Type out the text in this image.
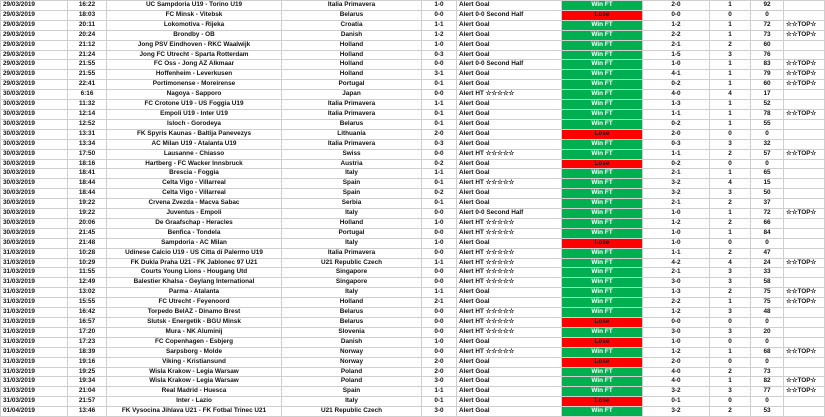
29/03/2019	16:22	UC Sampdoria U19 - Torino U19	Italia Primavera	1-0	Alert Goal	Win FT	2-0	1	92	
29/03/2019	18:03	FC Minsk - Vitebsk	Belarus	0-0	Alert 0-0 Second Half	Lose	0-0	0	0	
29/03/2019	20:11	Lokomotiva - Rijeka	Croatia	1-1	Alert Goal	Win FT	1-2	1	72	☆☆TOP☆
29/03/2019	20:24	Brondby - OB	Danish	1-2	Alert Goal	Win FT	2-2	1	73	☆☆TOP☆
29/03/2019	21:12	Jong PSV Eindhoven - RKC Waalwijk	Holland	1-0	Alert Goal	Win FT	2-1	2	60	
29/03/2019	21:24	Jong FC Utrecht - Sparta Rotterdam	Holland	0-3	Alert Goal	Win FT	1-5	3	76	
29/03/2019	21:55	FC Oss - Jong AZ Alkmaar	Holland	0-0	Alert 0-0 Second Half	Win FT	1-0	1	83	☆☆TOP☆
29/03/2019	21:55	Hoffenheim - Leverkusen	Holland	3-1	Alert Goal	Win FT	4-1	1	79	☆☆TOP☆
29/03/2019	22:41	Portimonense - Moreirense	Portugal	0-1	Alert Goal	Win FT	0-2	1	60	☆☆TOP☆
30/03/2019	6:16	Nagoya - Sapporo	Japan	0-0	Alert HT ☆☆☆☆☆	Win FT	4-0	4	17	
30/03/2019	11:32	FC Crotone U19 - US Foggia U19	Italia Primavera	1-1	Alert Goal	Win FT	1-3	1	52	
30/03/2019	12:14	Empoli U19 - Inter U19	Italia Primavera	0-1	Alert Goal	Win FT	1-1	1	78	☆☆TOP☆
30/03/2019	12:52	Isloch - Gorodeya	Belarus	0-1	Alert Goal	Win FT	0-2	1	55	
30/03/2019	13:31	FK Spyris Kaunas - Baltija Panevezys	Lithuania	2-0	Alert Goal	Lose	2-0	0	0	
30/03/2019	13:34	AC Milan U19 - Atalanta U19	Italia Primavera	0-3	Alert Goal	Win FT	0-3	3	32	
30/03/2019	17:50	Lausanne - Chiasso	Swiss	0-0	Alert HT ☆☆☆☆☆	Win FT	1-1	2	57	☆☆TOP☆
30/03/2019	18:16	Hartberg - FC Wacker Innsbruck	Austria	0-2	Alert Goal	Lose	0-2	0	0	
30/03/2019	18:41	Brescia - Foggia	Italy	1-1	Alert Goal	Win FT	2-1	1	65	
30/03/2019	18:44	Celta Vigo - Villarreal	Spain	0-1	Alert HT ☆☆☆☆☆	Win FT	3-2	4	15	
30/03/2019	18:44	Celta Vigo - Villarreal	Spain	0-2	Alert Goal	Win FT	3-2	3	50	
30/03/2019	19:22	Crvena Zvezda - Macva Sabac	Serbia	0-1	Alert Goal	Win FT	2-1	2	37	
30/03/2019	19:22	Juventus - Empoli	Italy	0-0	Alert 0-0 Second Half	Win FT	1-0	1	72	☆☆TOP☆
30/03/2019	20:06	De Graafschap - Heracles	Holland	1-0	Alert HT ☆☆☆☆☆	Win FT	1-2	2	66	
30/03/2019	21:45	Benfica - Tondela	Portugal	0-0	Alert HT ☆☆☆☆☆	Win FT	1-0	1	84	
30/03/2019	21:48	Sampdoria - AC Milan	Italy	1-0	Alert Goal	Lose	1-0	0	0	
31/03/2019	10:28	Udinese Calcio U19 - US Citta di Palermo U19	Italia Primavera	0-0	Alert HT ☆☆☆☆☆	Win FT	1-1	2	47	
31/03/2019	10:29	FK Dukla Praha U21 - FK Jablonec 97 U21	U21 Republic Czech	1-1	Alert HT ☆☆☆☆☆	Win FT	4-2	4	24	☆☆TOP☆
31/03/2019	11:55	Courts Young Lions - Hougang Utd	Singapore	0-0	Alert HT ☆☆☆☆☆	Win FT	2-1	3	33	
31/03/2019	12:49	Balestier Khalsa - Geylang International	Singapore	0-0	Alert HT ☆☆☆☆☆	Win FT	3-0	3	58	
31/03/2019	13:02	Parma - Atalanta	Italy	1-1	Alert Goal	Win FT	1-3	2	75	☆☆TOP☆
31/03/2019	15:55	FC Utrecht - Feyenoord	Holland	2-1	Alert Goal	Win FT	2-2	1	75	☆☆TOP☆
31/03/2019	16:42	Torpedo BelAZ - Dinamo Brest	Belarus	0-0	Alert HT ☆☆☆☆☆	Win FT	1-2	3	48	
31/03/2019	16:57	Slutsk - Energetik - BGU Minsk	Belarus	0-0	Alert HT ☆☆☆☆☆	Lose	0-0	0	0	
31/03/2019	17:20	Mura - NK Aluminij	Slovenia	0-0	Alert HT ☆☆☆☆☆	Win FT	3-0	3	20	
31/03/2019	17:23	FC Copenhagen - Esbjerg	Danish	1-0	Alert Goal	Lose	1-0	0	0	
31/03/2019	18:39	Sarpsborg - Molde	Norway	0-0	Alert HT ☆☆☆☆☆	Win FT	1-2	1	68	☆☆TOP☆
31/03/2019	19:16	Viking - Kristiansund	Norway	2-0	Alert Goal	Lose	2-0	0	0	
31/03/2019	19:25	Wisla Krakow - Legia Warsaw	Poland	2-0	Alert Goal	Win FT	4-0	2	73	
31/03/2019	19:34	Wisla Krakow - Legia Warsaw	Poland	3-0	Alert Goal	Win FT	4-0	1	82	☆☆TOP☆
31/03/2019	21:04	Real Madrid - Huesca	Spain	1-1	Alert Goal	Win FT	3-2	3	77	☆☆TOP☆
31/03/2019	21:57	Inter - Lazio	Italy	0-1	Alert Goal	Lose	0-1	0	0	
01/04/2019	13:46	FK Vysocina Jihlava U21 - FK Fotbal Trinec U21	U21 Republic Czech	3-0	Alert Goal	Win FT	3-2	2	53	
